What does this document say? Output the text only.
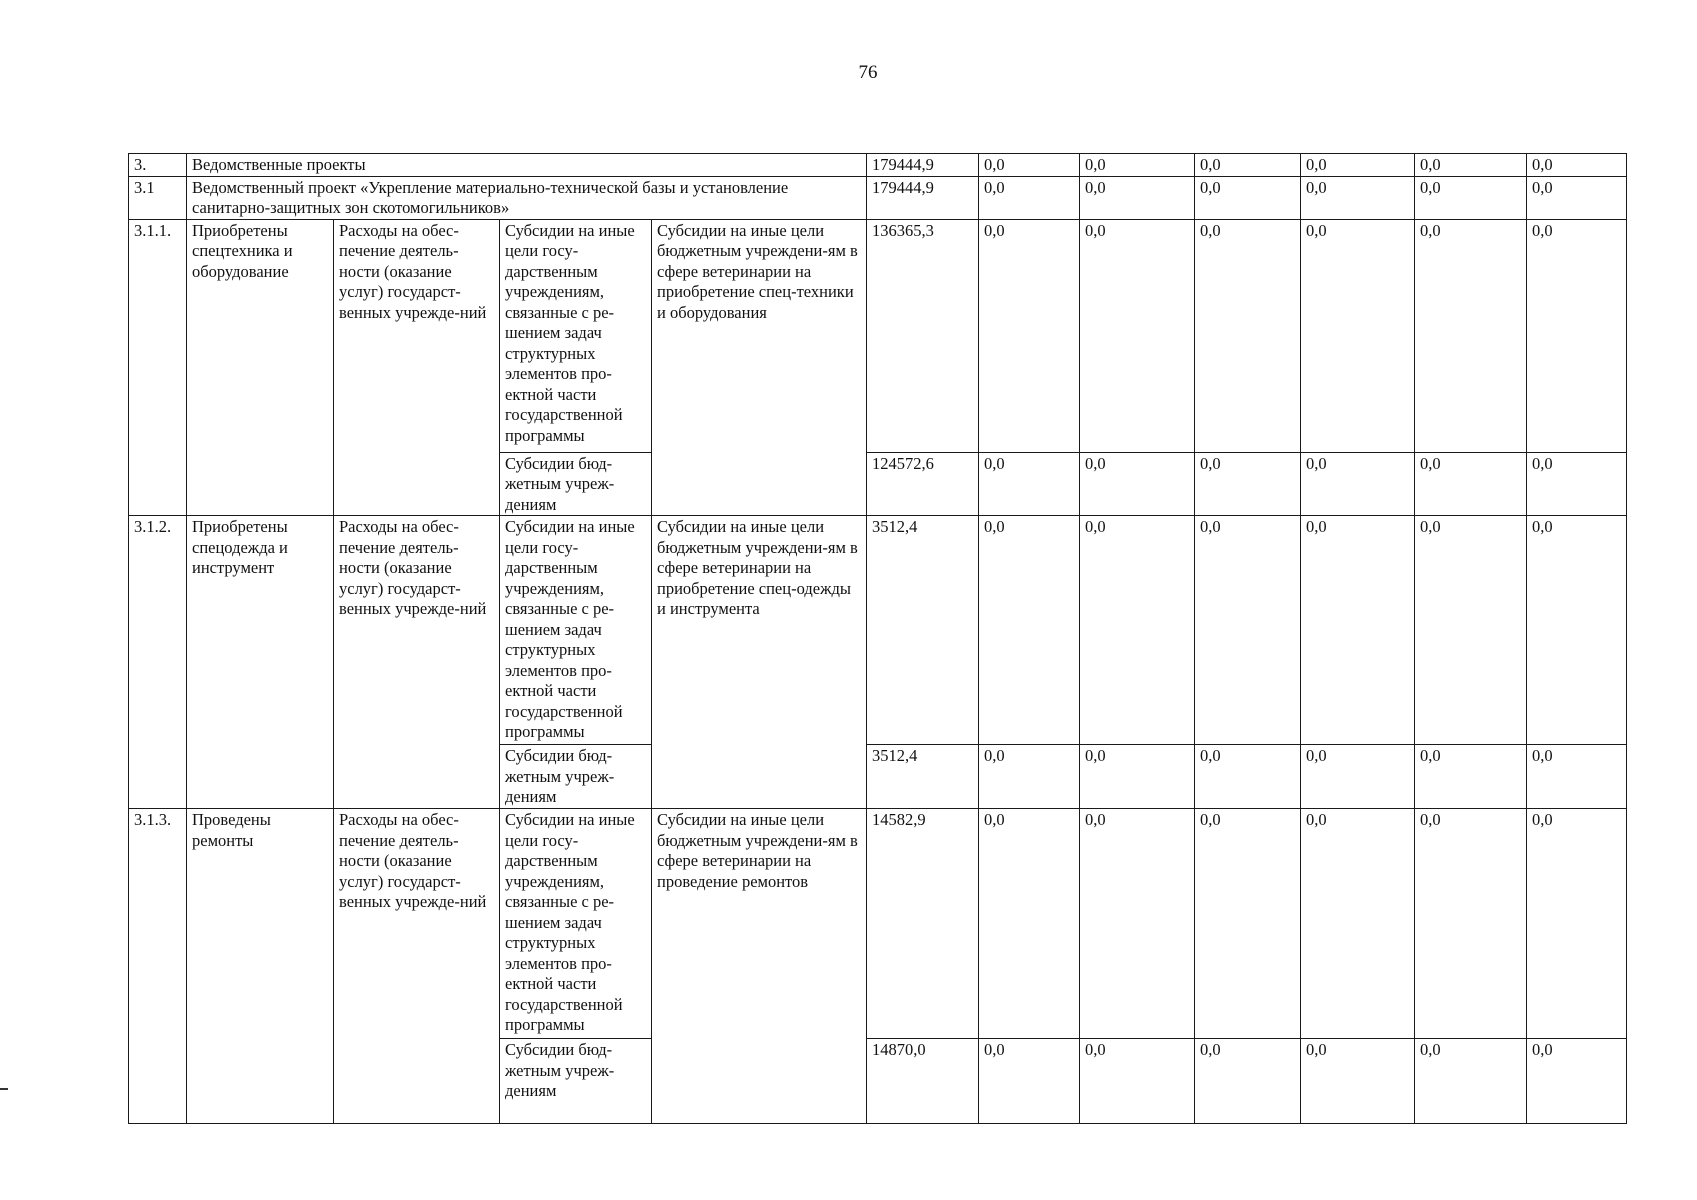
76
3.	Ведомственные проекты				179444,9	0,0	0,0	0,0	0,0	0,0	0,0
3.1	Ведомственный проект «Укрепление материально-технической базы и установление санитарно-защитных зон скотомогильников»				179444,9	0,0	0,0	0,0	0,0	0,0	0,0
3.1.1.	Приобретены спецтехника и оборудование	Расходы на обес-печение деятель-ности (оказание услуг) государст-венных учрежде-ний	Субсидии на иные цели госу-дарственным учреждениям, связанные с ре-шением задач структурных элементов про-ектной части государственной программы	Субсидии на иные цели бюджетным учреждени-ям в сфере ветеринарии на приобретение спец-техники и оборудования	136365,3	0,0	0,0	0,0	0,0	0,0	0,0
			Субсидии бюд-жетным учреж-дениям		124572,6	0,0	0,0	0,0	0,0	0,0	0,0
3.1.2.	Приобретены спецодежда и инструмент	Расходы на обес-печение деятель-ности (оказание услуг) государст-венных учрежде-ний	Субсидии на иные цели госу-дарственным учреждениям, связанные с ре-шением задач структурных элементов про-ектной части государственной программы	Субсидии на иные цели бюджетным учреждени-ям в сфере ветеринарии на приобретение спец-одежды и инструмента	3512,4	0,0	0,0	0,0	0,0	0,0	0,0
			Субсидии бюд-жетным учреж-дениям		3512,4	0,0	0,0	0,0	0,0	0,0	0,0
3.1.3.	Проведены ремонты	Расходы на обес-печение деятель-ности (оказание услуг) государст-венных учрежде-ний	Субсидии на иные цели госу-дарственным учреждениям, связанные с ре-шением задач структурных элементов про-ектной части государственной программы	Субсидии на иные цели бюджетным учреждени-ям в сфере ветеринарии на проведение ремонтов	14582,9	0,0	0,0	0,0	0,0	0,0	0,0
			Субсидии бюд-жетным учреж-дениям		14870,0	0,0	0,0	0,0	0,0	0,0	0,0
